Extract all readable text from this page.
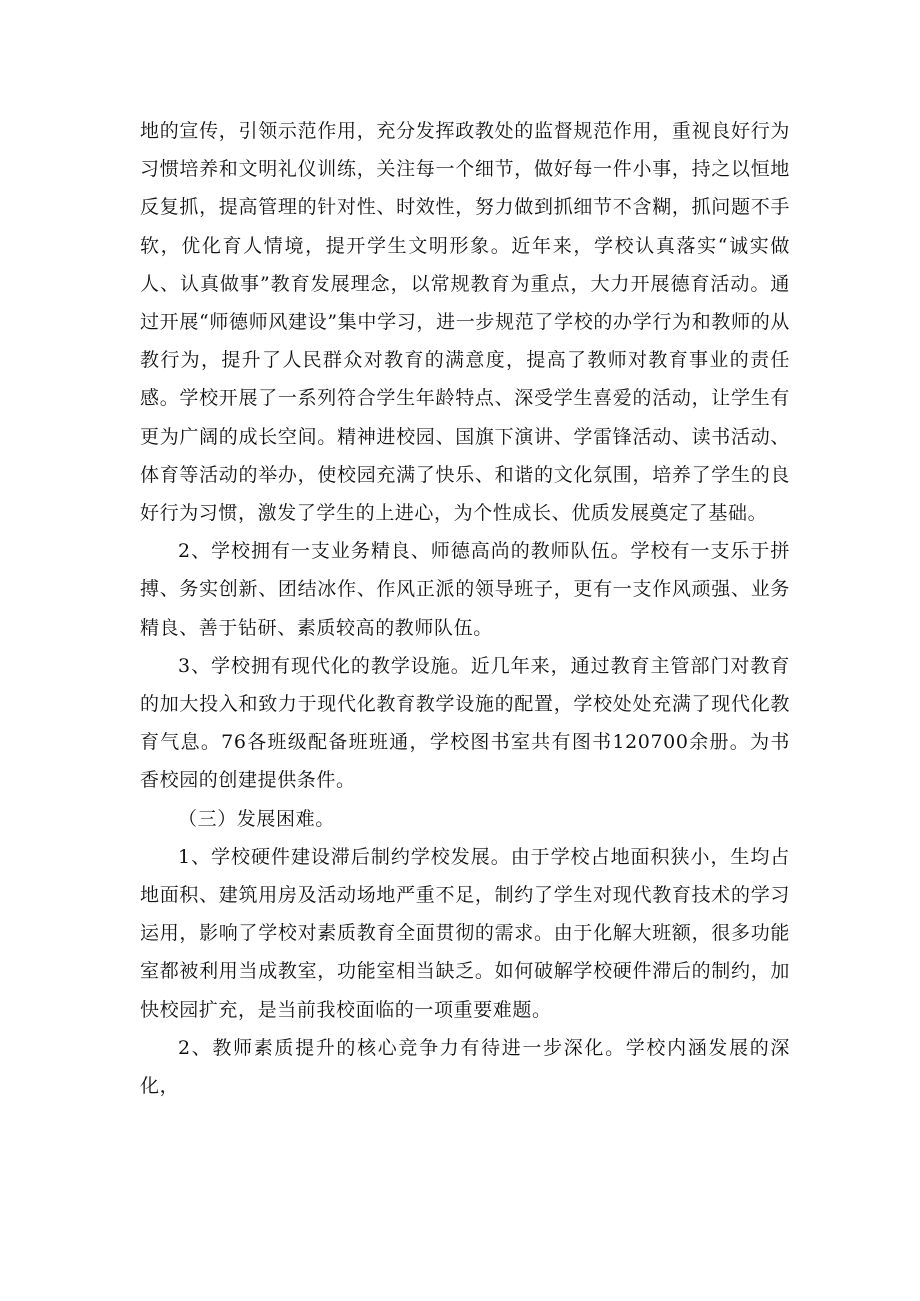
地的宣传，引领示范作用，充分发挥政教处的监督规范作用，重视良好行为习惯培养和文明礼仪训练，关注每一个细节，做好每一件小事，持之以恒地反复抓，提高管理的针对性、时效性，努力做到抓细节不含糊，抓问题不手软，优化育人情境，提开学生文明形象。近年来，学校认真落实“诚实做人、认真做事”教育发展理念，以常规教育为重点，大力开展德育活动。通过开展“师德师风建设”集中学习，进一步规范了学校的办学行为和教师的从教行为，提升了人民群众对教育的满意度，提高了教师对教育事业的责任感。学校开展了一系列符合学生年龄特点、深受学生喜爱的活动，让学生有更为广阔的成长空间。精神进校园、国旗下演讲、学雷锋活动、读书活动、体育等活动的举办，使校园充满了快乐、和谐的文化氛围，培养了学生的良好行为习惯，激发了学生的上进心，为个性成长、优质发展奠定了基础。

2、学校拥有一支业务精良、师德高尚的教师队伍。学校有一支乐于拼搏、务实创新、团结冰作、作风正派的领导班子，更有一支作风顽强、业务精良、善于钻研、素质较高的教师队伍。

3、学校拥有现代化的教学设施。近几年来，通过教育主管部门对教育的加大投入和致力于现代化教育教学设施的配置，学校处处充满了现代化教育气息。76各班级配备班班通，学校图书室共有图书120700余册。为书香校园的创建提供条件。

（三）发展困难。

1、学校硬件建设滞后制约学校发展。由于学校占地面积狭小，生均占地面积、建筑用房及活动场地严重不足，制约了学生对现代教育技术的学习运用，影响了学校对素质教育全面贯彻的需求。由于化解大班额，很多功能室都被利用当成教室，功能室相当缺乏。如何破解学校硬件滞后的制约，加快校园扩充，是当前我校面临的一项重要难题。

2、教师素质提升的核心竞争力有待进一步深化。学校内涵发展的深化，
